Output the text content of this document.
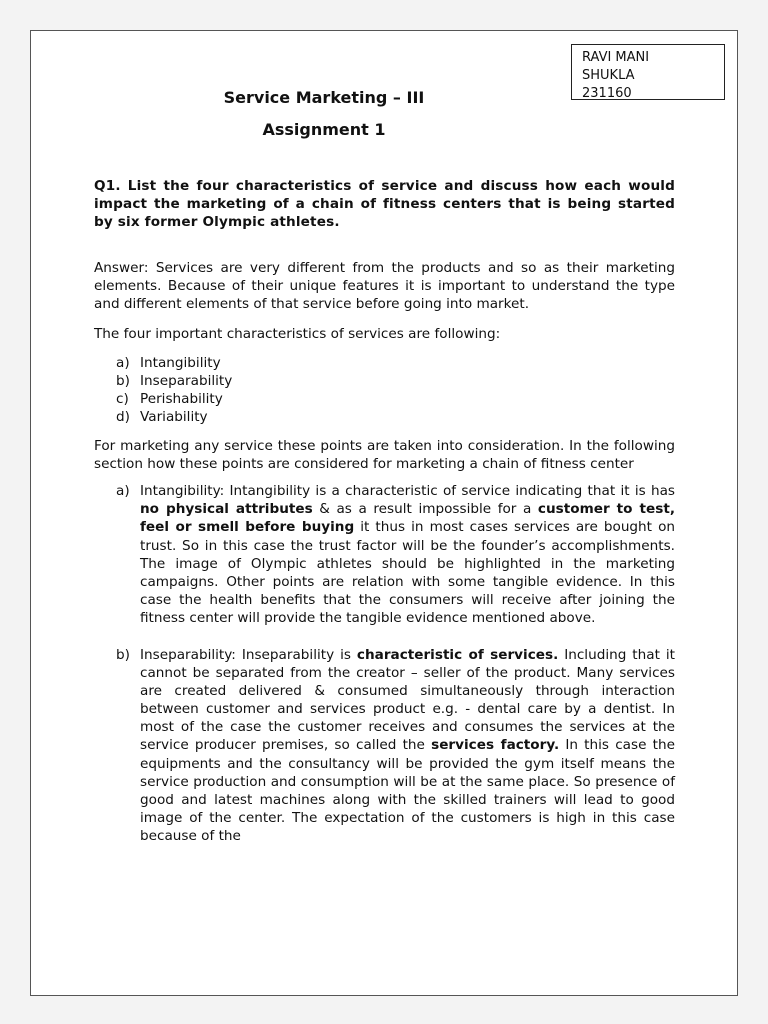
RAVI MANI
SHUKLA
231160
Service Marketing – III
Assignment 1

Q1. List the four characteristics of service and discuss how each would impact the marketing of a chain of fitness centers that is being started by six former Olympic athletes.

Answer: Services are very different from the products and so as their marketing elements. Because of their unique features it is important to understand the type and different elements of that service before going into market.

The four important characteristics of services are following:

a) Intangibility
b) Inseparability
c) Perishability
d) Variability

For marketing any service these points are taken into consideration. In the following section how these points are considered for marketing a chain of fitness center

a) Intangibility: Intangibility is a characteristic of service indicating that it is has no physical attributes & as a result impossible for a customer to test, feel or smell before buying it thus in most cases services are bought on trust. So in this case the trust factor will be the founder’s accomplishments. The image of Olympic athletes should be highlighted in the marketing campaigns. Other points are relation with some tangible evidence. In this case the health benefits that the consumers will receive after joining the fitness center will provide the tangible evidence mentioned above.
b) Inseparability: Inseparability is characteristic of services. Including that it cannot be separated from the creator – seller of the product. Many services are created delivered & consumed simultaneously through interaction between customer and services product e.g. - dental care by a dentist. In most of the case the customer receives and consumes the services at the service producer premises, so called the services factory. In this case the equipments and the consultancy will be provided the gym itself means the service production and consumption will be at the same place. So presence of good and latest machines along with the skilled trainers will lead to good image of the center. The expectation of the customers is high in this case because of the
